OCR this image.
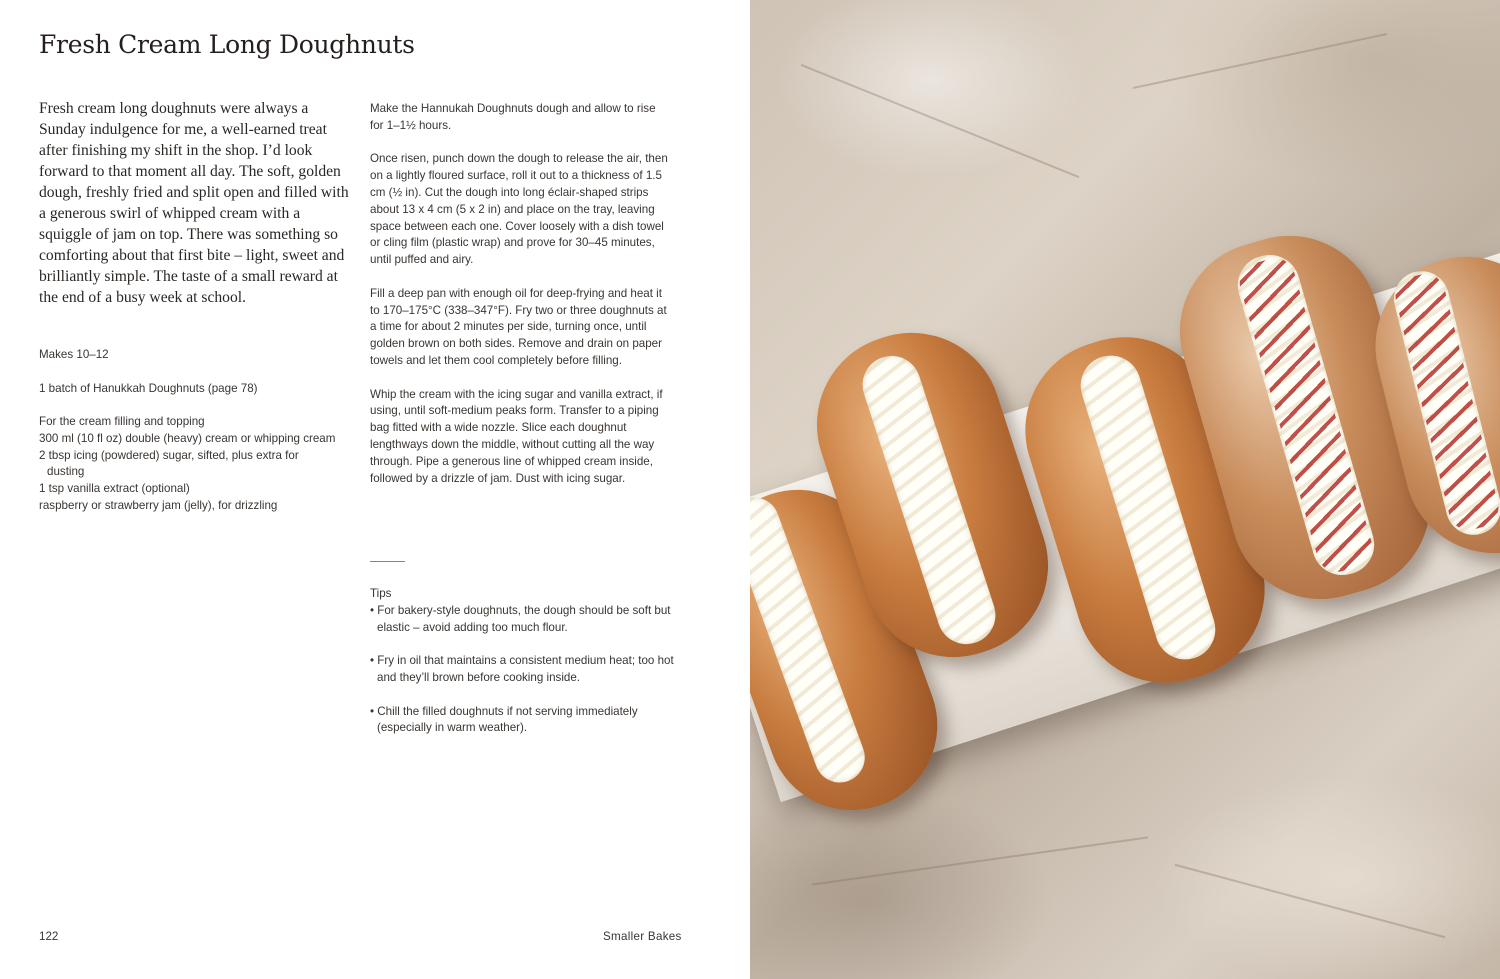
Fresh Cream Long Doughnuts

Fresh cream long doughnuts were always a Sunday indulgence for me, a well-earned treat after finishing my shift in the shop. I’d look forward to that moment all day. The soft, golden dough, freshly fried and split open and filled with a generous swirl of whipped cream with a squiggle of jam on top. There was something so comforting about that first bite – light, sweet and brilliantly simple. The taste of a small reward at the end of a busy week at school.

Makes 10–12

1 batch of Hanukkah Doughnuts (page 78)

For the cream filling and topping

300 ml (10 fl oz) double (heavy) cream or whipping cream
2 tbsp icing (powdered) sugar, sifted, plus extra for dusting
1 tsp vanilla extract (optional)
raspberry or strawberry jam (jelly), for drizzling

Make the Hannukah Doughnuts dough and allow to rise for 1–1½ hours.

Once risen, punch down the dough to release the air, then on a lightly floured surface, roll it out to a thickness of 1.5 cm (½ in). Cut the dough into long éclair-shaped strips about 13 x 4 cm (5 x 2 in) and place on the tray, leaving space between each one. Cover loosely with a dish towel or cling film (plastic wrap) and prove for 30–45 minutes, until puffed and airy.

Fill a deep pan with enough oil for deep-frying and heat it to 170–175°C (338–347°F). Fry two or three doughnuts at a time for about 2 minutes per side, turning once, until golden brown on both sides. Remove and drain on paper towels and let them cool completely before filling.

Whip the cream with the icing sugar and vanilla extract, if using, until soft-medium peaks form. Transfer to a piping bag fitted with a wide nozzle. Slice each doughnut lengthways down the middle, without cutting all the way through. Pipe a generous line of whipped cream inside, followed by a drizzle of jam. Dust with icing sugar.

Tips

• For bakery-style doughnuts, the dough should be soft but elastic – avoid adding too much flour.
• Fry in oil that maintains a consistent medium heat; too hot and they’ll brown before cooking inside.
• Chill the filled doughnuts if not serving immediately (especially in warm weather).
122	Smaller Bakes
